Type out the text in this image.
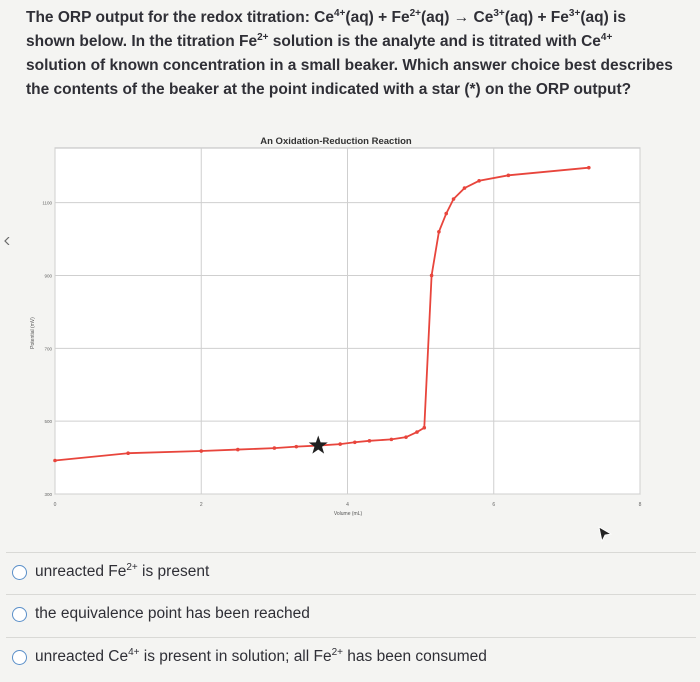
The ORP output for the redox titration: $Ce^{4+}(aq) + Fe^{2+}(aq) \to Ce^{3+}(aq) + Fe^{3+}(aq)$ is shown below. In the titration $Fe^{2+}$ solution is the analyte and is titrated with $Ce^{4+}$ solution of known concentration in a small beaker. Which answer choice best describes the contents of the beaker at the point indicated with a star (*) on the ORP output?
0	2	4	6	8
300
500
700
900
1100
An Oxidation-Reduction Reaction
Volume (mL)
Potential (mV)
unreacted $Fe^{2+}$ is present
the equivalence point has been reached
unreacted $Ce^{4+}$ is present in solution; all $Fe^{2+}$ has been consumed
